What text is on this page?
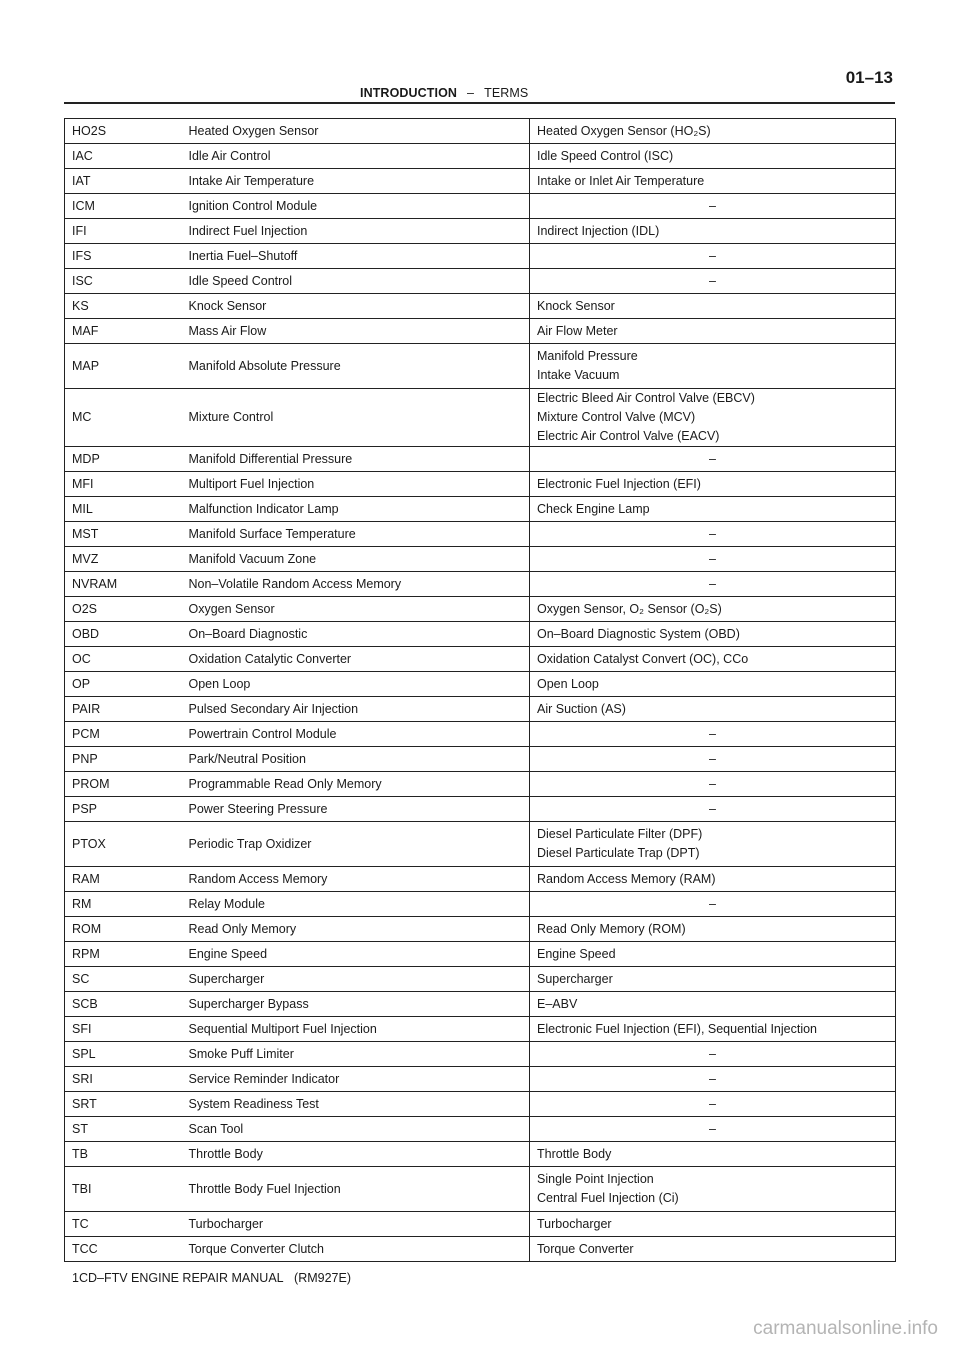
INTRODUCTION – TERMS
01–13
HO2S	Heated Oxygen Sensor	Heated Oxygen Sensor (HO₂S)

IAC	Idle Air Control	Idle Speed Control (ISC)

IAT	Intake Air Temperature	Intake or Inlet Air Temperature

ICM	Ignition Control Module	–

IFI	Indirect Fuel Injection	Indirect Injection (IDL)

IFS	Inertia Fuel–Shutoff	–

ISC	Idle Speed Control	–

KS	Knock Sensor	Knock Sensor

MAF	Mass Air Flow	Air Flow Meter

MAP	Manifold Absolute Pressure	Manifold Pressure
Intake Vacuum

MC	Mixture Control	Electric Bleed Air Control Valve (EBCV)
Mixture Control Valve (MCV)
Electric Air Control Valve (EACV)

MDP	Manifold Differential Pressure	–

MFI	Multiport Fuel Injection	Electronic Fuel Injection (EFI)

MIL	Malfunction Indicator Lamp	Check Engine Lamp

MST	Manifold Surface Temperature	–

MVZ	Manifold Vacuum Zone	–

NVRAM	Non–Volatile Random Access Memory	–

O2S	Oxygen Sensor	Oxygen Sensor, O₂ Sensor (O₂S)

OBD	On–Board Diagnostic	On–Board Diagnostic System (OBD)

OC	Oxidation Catalytic Converter	Oxidation Catalyst Convert (OC), CCo

OP	Open Loop	Open Loop

PAIR	Pulsed Secondary Air Injection	Air Suction (AS)

PCM	Powertrain Control Module	–

PNP	Park/Neutral Position	–

PROM	Programmable Read Only Memory	–

PSP	Power Steering Pressure	–

PTOX	Periodic Trap Oxidizer	Diesel Particulate Filter (DPF)
Diesel Particulate Trap (DPT)

RAM	Random Access Memory	Random Access Memory (RAM)

RM	Relay Module	–

ROM	Read Only Memory	Read Only Memory (ROM)

RPM	Engine Speed	Engine Speed

SC	Supercharger	Supercharger

SCB	Supercharger Bypass	E–ABV

SFI	Sequential Multiport Fuel Injection	Electronic Fuel Injection (EFI), Sequential Injection

SPL	Smoke Puff Limiter	–

SRI	Service Reminder Indicator	–

SRT	System Readiness Test	–

ST	Scan Tool	–

TB	Throttle Body	Throttle Body

TBI	Throttle Body Fuel Injection	Single Point Injection
Central Fuel Injection (Ci)

TC	Turbocharger	Turbocharger

TCC	Torque Converter Clutch	Torque Converter
1CD–FTV ENGINE REPAIR MANUAL (RM927E)
carmanualsonline.info
